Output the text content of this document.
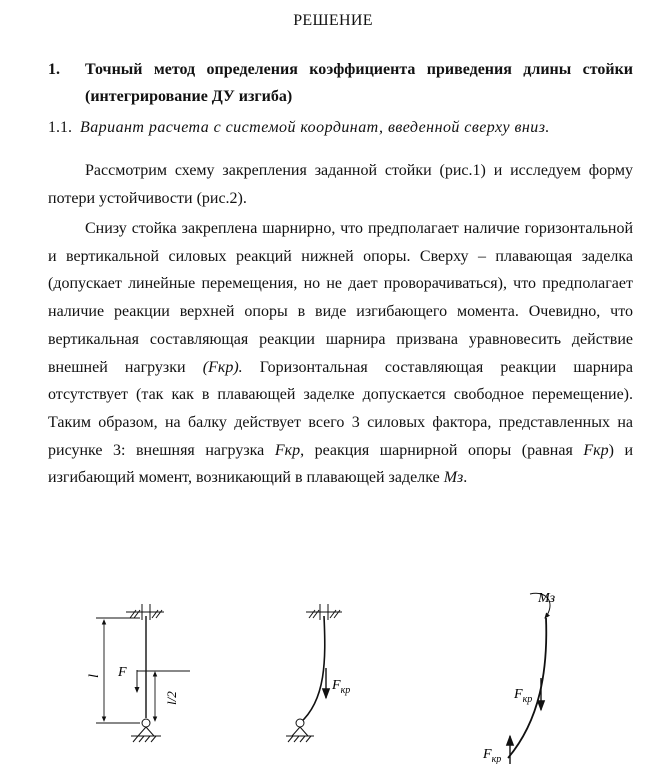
РЕШЕНИЕ
1. Точный метод определения коэффициента приведения длины стойки (интегрирование ДУ изгиба)
1.1. Вариант расчета с системой координат, введенной сверху вниз.

Рассмотрим схему закрепления заданной стойки (рис.1) и исследуем форму потери устойчивости (рис.2).

Снизу стойка закреплена шарнирно, что предполагает наличие горизонтальной и вертикальной силовых реакций нижней опоры. Сверху – плавающая заделка (допускает линейные перемещения, но не дает проворачиваться), что предполагает наличие реакции верхней опоры в виде изгибающего момента. Очевидно, что вертикальная составляющая реакции шарнира призвана уравновесить действие внешней нагрузки (Fкр). Горизонтальная составляющая реакции шарнира отсутствует (так как в плавающей заделке допускается свободное перемещение). Таким образом, на балку действует всего 3 силовых фактора, представленных на рисунке 3: внешняя нагрузка Fкр, реакция шарнирной опоры (равная Fкр) и изгибающий момент, возникающий в плавающей заделке Мз.

l F
l/2
$F_{кр}$
Мз
$F_{кр}$
$F_{кр}$
